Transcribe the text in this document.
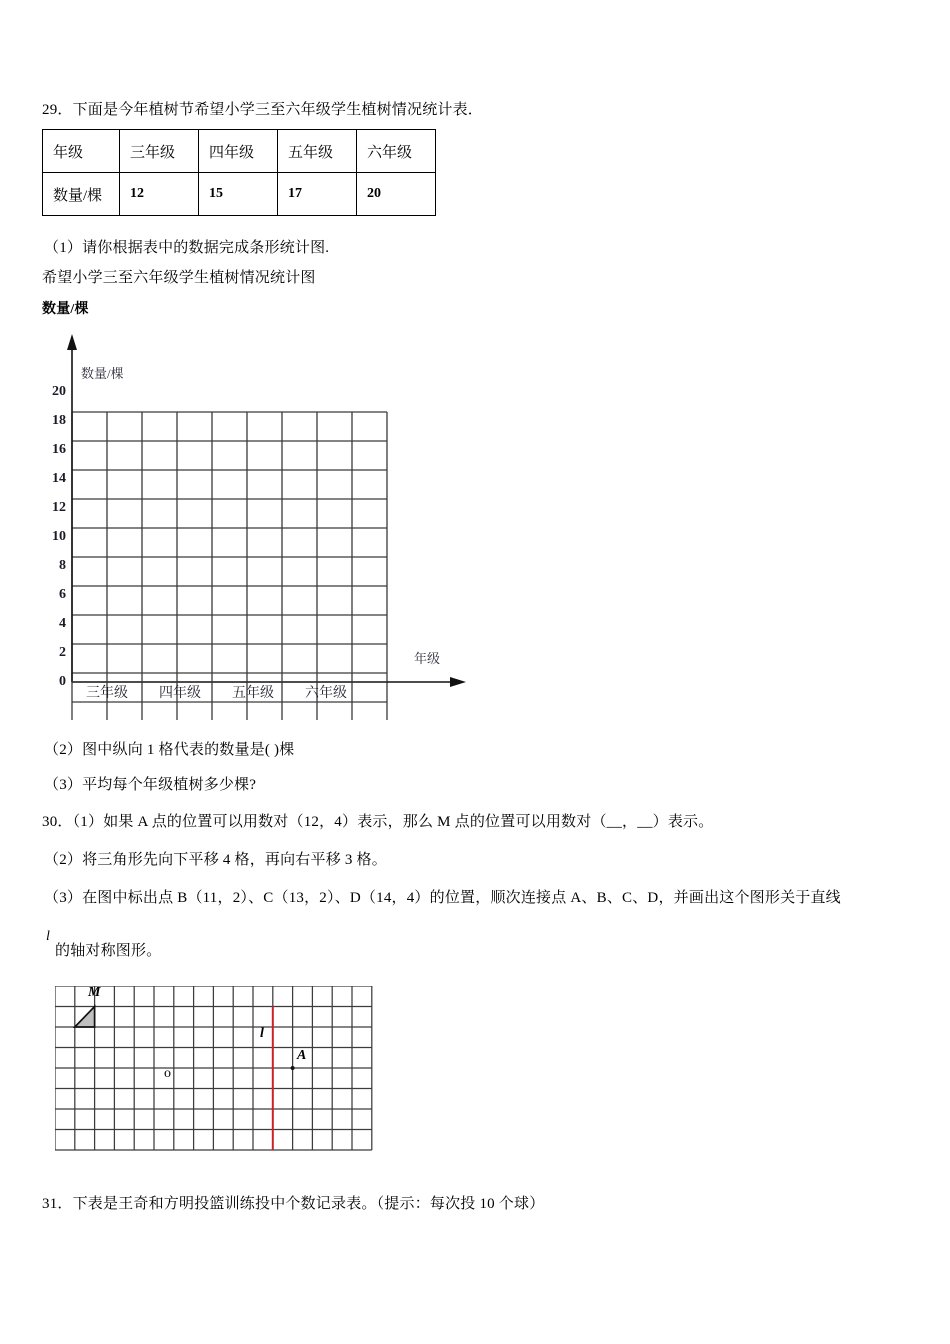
29．下面是今年植树节希望小学三至六年级学生植树情况统计表．
年级	三年级	四年级	五年级	六年级
数量/棵	12	15	17	20
（1）请你根据表中的数据完成条形统计图.
希望小学三至六年级学生植树情况统计图
数量/棵
数量/棵
年级
0
2
4
6
8
10
12
14
16
18
20
三年级	四年级	五年级	六年级
（2）图中纵向 1 格代表的数量是( )棵
（3）平均每个年级植树多少棵?
30．（1）如果 A 点的位置可以用数对（12，4）表示，那么 M 点的位置可以用数对（__，__）表示。
（2）将三角形先向下平移 4 格，再向右平移 3 格。
（3）在图中标出点 B（11，2）、C（13，2）、D（14，4）的位置，顺次连接点 A、B、C、D，并画出这个图形关于直线
l
的轴对称图形。
M
o
l
A
31．下表是王奇和方明投篮训练投中个数记录表。（提示：每次投 10 个球）
